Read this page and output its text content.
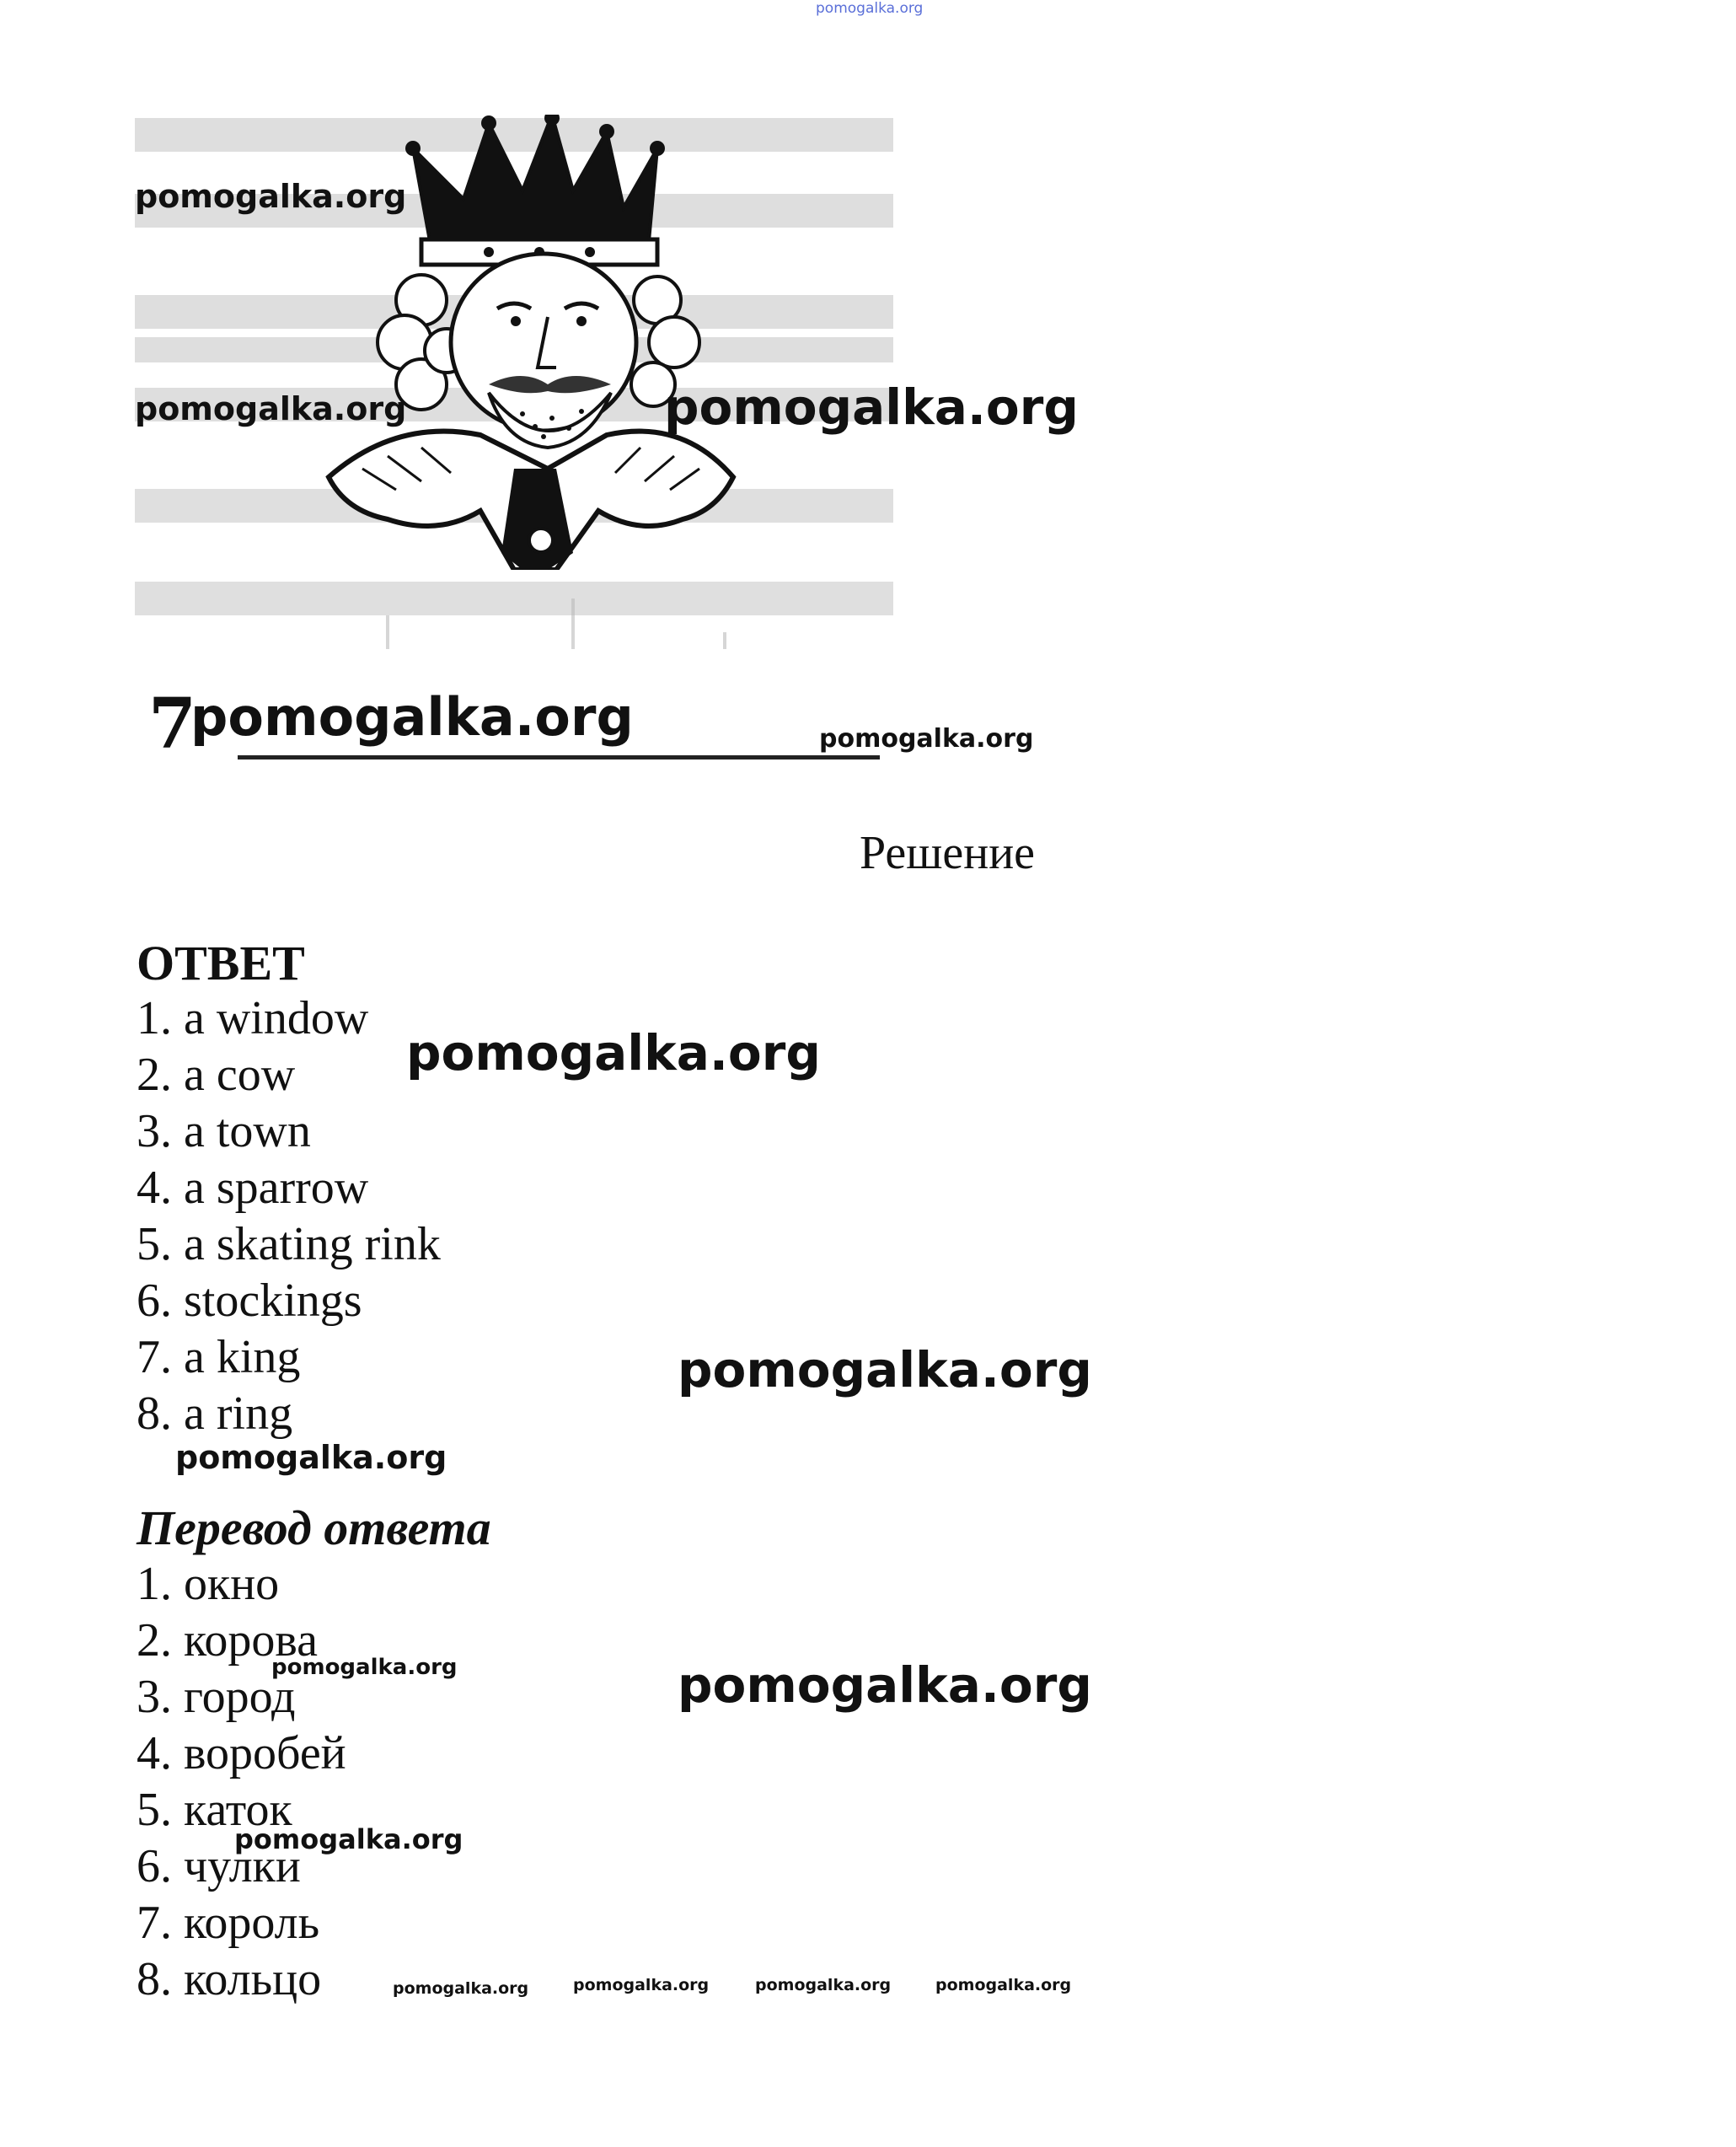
pomogalka.org
pomogalka.org
pomogalka.org	pomogalka.org
7
pomogalka.org	pomogalka.org
Решение
ОТВЕТ
1. a window
2. a cow
3. a town
4. a sparrow
5. a skating rink
6. stockings
7. a king
8. a ring
pomogalka.org
pomogalka.org
pomogalka.org
Перевод ответа
1. окно
2. корова
3. город
4. воробей
5. каток
6. чулки
7. король
8. кольцо
pomogalka.org	pomogalka.org
pomogalka.org
pomogalka.org	pomogalka.org	pomogalka.org	pomogalka.org
